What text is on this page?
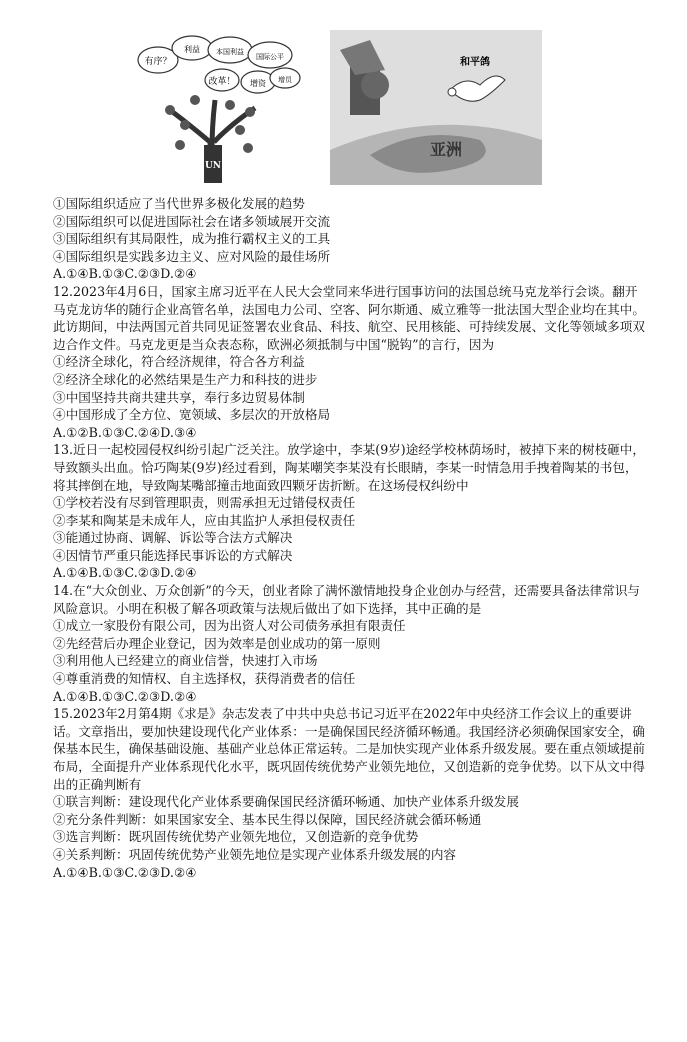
有序？
利益
改革！ 增资
本国利益
国际公平
增员
UN
和平鸽
亚洲

①国际组织适应了当代世界多极化发展的趋势

②国际组织可以促进国际社会在诸多领域展开交流

③国际组织有其局限性，成为推行霸权主义的工具

④国际组织是实践多边主义、应对风险的最佳场所

A.①④B.①③C.②③D.②④

12.2023年4月6日，国家主席习近平在人民大会堂同来华进行国事访问的法国总统马克龙举行会谈。翻开马克龙访华的随行企业高管名单，法国电力公司、空客、阿尔斯通、威立雅等一批法国大型企业均在其中。此访期间，中法两国元首共同见证签署农业食品、科技、航空、民用核能、可持续发展、文化等领域多项双边合作文件。马克龙更是当众表态称，欧洲必须抵制与中国“脱钩”的言行，因为

①经济全球化，符合经济规律，符合各方利益

②经济全球化的必然结果是生产力和科技的进步

③中国坚持共商共建共享，奉行多边贸易体制

④中国形成了全方位、宽领域、多层次的开放格局

A.①②B.①③C.②④D.③④

13.近日一起校园侵权纠纷引起广泛关注。放学途中，李某(9岁)途经学校林荫场时，被掉下来的树枝砸中，导致额头出血。恰巧陶某(9岁)经过看到，陶某嘲笑李某没有长眼睛，李某一时情急用手拽着陶某的书包，将其摔倒在地，导致陶某嘴部撞击地面致四颗牙齿折断。在这场侵权纠纷中

①学校若没有尽到管理职责，则需承担无过错侵权责任

②李某和陶某是未成年人，应由其监护人承担侵权责任

③能通过协商、调解、诉讼等合法方式解决

④因情节严重只能选择民事诉讼的方式解决

A.①④B.①③C.②③D.②④

14.在“大众创业、万众创新”的今天，创业者除了满怀激情地投身企业创办与经营，还需要具备法律常识与风险意识。小明在积极了解各项政策与法规后做出了如下选择，其中正确的是

①成立一家股份有限公司，因为出资人对公司债务承担有限责任

②先经营后办理企业登记，因为效率是创业成功的第一原则

③利用他人已经建立的商业信誉，快速打入市场

④尊重消费的知情权、自主选择权，获得消费者的信任

A.①④B.①③C.②③D.②④

15.2023年2月第4期《求是》杂志发表了中共中央总书记习近平在2022年中央经济工作会议上的重要讲话。文章指出，要加快建设现代化产业体系：一是确保国民经济循环畅通。我国经济必须确保国家安全，确保基本民生，确保基础设施、基础产业总体正常运转。二是加快实现产业体系升级发展。要在重点领域提前布局，全面提升产业体系现代化水平，既巩固传统优势产业领先地位，又创造新的竞争优势。以下从文中得出的正确判断有

①联言判断：建设现代化产业体系要确保国民经济循环畅通、加快产业体系升级发展

②充分条件判断：如果国家安全、基本民生得以保障，国民经济就会循环畅通

③选言判断：既巩固传统优势产业领先地位，又创造新的竞争优势

④关系判断：巩固传统优势产业领先地位是实现产业体系升级发展的内容

A.①④B.①③C.②③D.②④
